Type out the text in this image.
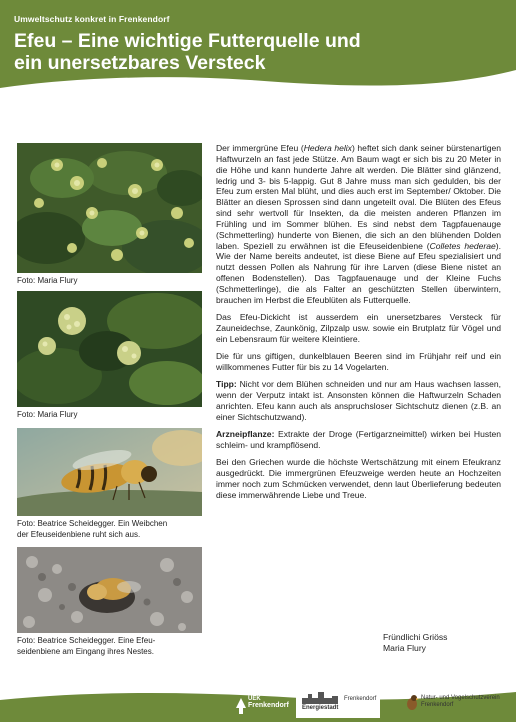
Umweltschutz konkret in Frenkendorf
Efeu – Eine wichtige Futterquelle und
ein unersetzbares Versteck
Foto: Maria Flury
Foto: Maria Flury
Foto: Beatrice Scheidegger. Ein Weibchen
der Efeuseidenbiene ruht sich aus.
Foto: Beatrice Scheidegger. Eine Efeu-
seidenbiene am Eingang ihres Nestes.

Der immergrüne Efeu (Hedera helix) heftet sich dank seiner bürstenartigen Haftwurzeln an fast jede Stütze. Am Baum wagt er sich bis zu 20 Meter in die Höhe und kann hunderte Jahre alt werden. Die Blätter sind glänzend, ledrig und 3- bis 5-lappig. Gut 8 Jahre muss man sich gedulden, bis der Efeu zum ersten Mal blüht, und dies auch erst im September/ Oktober. Die Blätter an diesen Sprossen sind dann ungeteilt oval. Die Blüten des Efeus sind sehr wertvoll für Insekten, da die meisten anderen Pflanzen im Frühling und im Sommer blühen. Es sind nebst dem Tagpfauenauge (Schmetterling) hunderte von Bienen, die sich an den blühenden Dolden laben. Speziell zu erwähnen ist die Efeuseidenbiene (Colletes hederae). Wie der Name bereits andeutet, ist diese Biene auf Efeu spezialisiert und nutzt dessen Pollen als Nahrung für ihre Larven (diese Biene nistet an offenen Bodenstellen). Das Tagpfauenauge und der Kleine Fuchs (Schmetterlinge), die als Falter an geschützten Stellen überwintern, brauchen im Herbst die Efeublüten als Futterquelle.

Das Efeu-Dickicht ist ausserdem ein unersetzbares Versteck für Zauneidechse, Zaunkönig, Zilpzalp usw. sowie ein Brutplatz für Vögel und ein Lebensraum für weitere Kleintiere.

Die für uns giftigen, dunkelblauen Beeren sind im Frühjahr reif und ein willkommenes Futter für bis zu 14 Vogelarten.

Tipp: Nicht vor dem Blühen schneiden und nur am Haus wachsen lassen, wenn der Verputz intakt ist. Ansonsten können die Haftwurzeln Schaden anrichten. Efeu kann auch als anspruchsloser Sichtschutz dienen (z.B. an einer Sichtschutzwand).

Arzneipflanze: Extrakte der Droge (Fertigarzneimittel) wirken bei Husten schleim- und krampflösend.

Bei den Griechen wurde die höchste Wertschätzung mit einem Efeukranz ausgedrückt. Die immergrünen Efeuzweige werden heute an Hochzeiten immer noch zum Schmücken verwendet, denn laut Überlieferung bedeuten diese immerwährende Liebe und Treue.

Fründlichi Griöss
Maria Flury
UEK
Frenkendorf Energiestadt
Frenkendorf	Natur- und Vogelschutzverein
Frenkendorf
